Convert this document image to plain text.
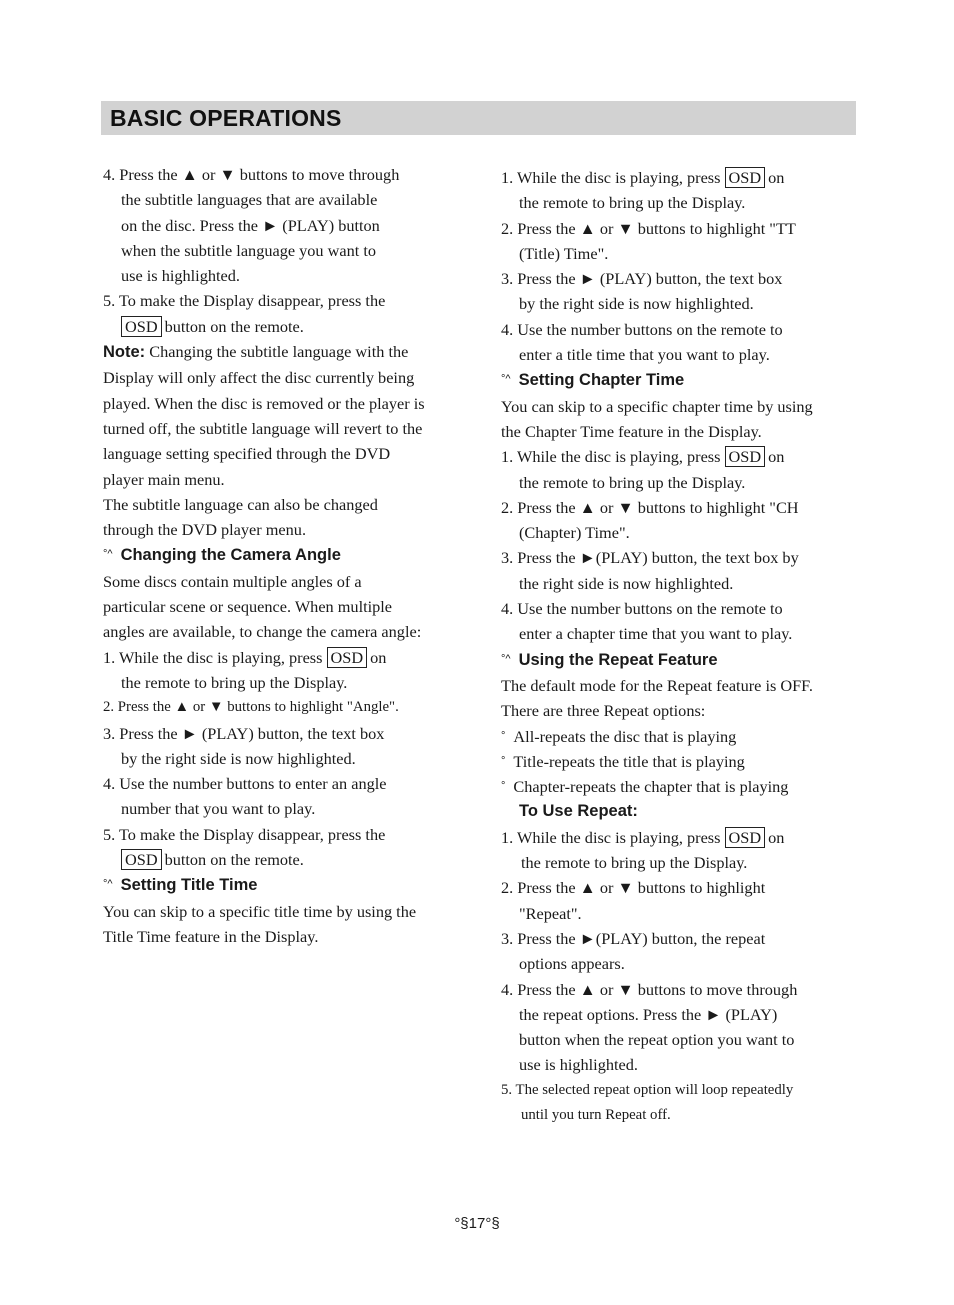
BASIC OPERATIONS
4. Press the ▲ or ▼ buttons to move through
the subtitle languages that are available
on the disc. Press the ► (PLAY) button
when the subtitle language you want to
use is highlighted.
5. To make the Display disappear, press the
OSD button on the remote.
Note: Changing the subtitle language with the
Display will only affect the disc currently being
played. When the disc is removed or the player is
turned off, the subtitle language will revert to the
language setting specified through the DVD
player main menu.
The subtitle language can also be changed
through the DVD player menu.
°^ Changing the Camera Angle
Some discs contain multiple angles of a
particular scene or sequence. When multiple
angles are available, to change the camera angle:
1. While the disc is playing, press OSD on
the remote to bring up the Display.
2. Press the ▲ or ▼ buttons to highlight "Angle".
3. Press the ► (PLAY) button, the text box
by the right side is now highlighted.
4. Use the number buttons to enter an angle
number that you want to play.
5. To make the Display disappear, press the
OSD button on the remote.
°^ Setting Title Time
You can skip to a specific title time by using the
Title Time feature in the Display.
1. While the disc is playing, press OSD on
the remote to bring up the Display.
2. Press the ▲ or ▼ buttons to highlight "TT
(Title) Time".
3. Press the ► (PLAY) button, the text box
by the right side is now highlighted.
4. Use the number buttons on the remote to
enter a title time that you want to play.
°^ Setting Chapter Time
You can skip to a specific chapter time by using
the Chapter Time feature in the Display.
1. While the disc is playing, press OSD on
the remote to bring up the Display.
2. Press the ▲ or ▼ buttons to highlight "CH
(Chapter) Time".
3. Press the ►(PLAY) button, the text box by
the right side is now highlighted.
4. Use the number buttons on the remote to
enter a chapter time that you want to play.
°^ Using the Repeat Feature
The default mode for the Repeat feature is OFF.
There are three Repeat options:
° All-repeats the disc that is playing
° Title-repeats the title that is playing
° Chapter-repeats the chapter that is playing
To Use Repeat:
1. While the disc is playing, press OSD on
the remote to bring up the Display.
2. Press the ▲ or ▼ buttons to highlight
"Repeat".
3. Press the ►(PLAY) button, the repeat
options appears.
4. Press the ▲ or ▼ buttons to move through
the repeat options. Press the ► (PLAY)
button when the repeat option you want to
use is highlighted.
5. The selected repeat option will loop repeatedly
until you turn Repeat off.
°§17°§
